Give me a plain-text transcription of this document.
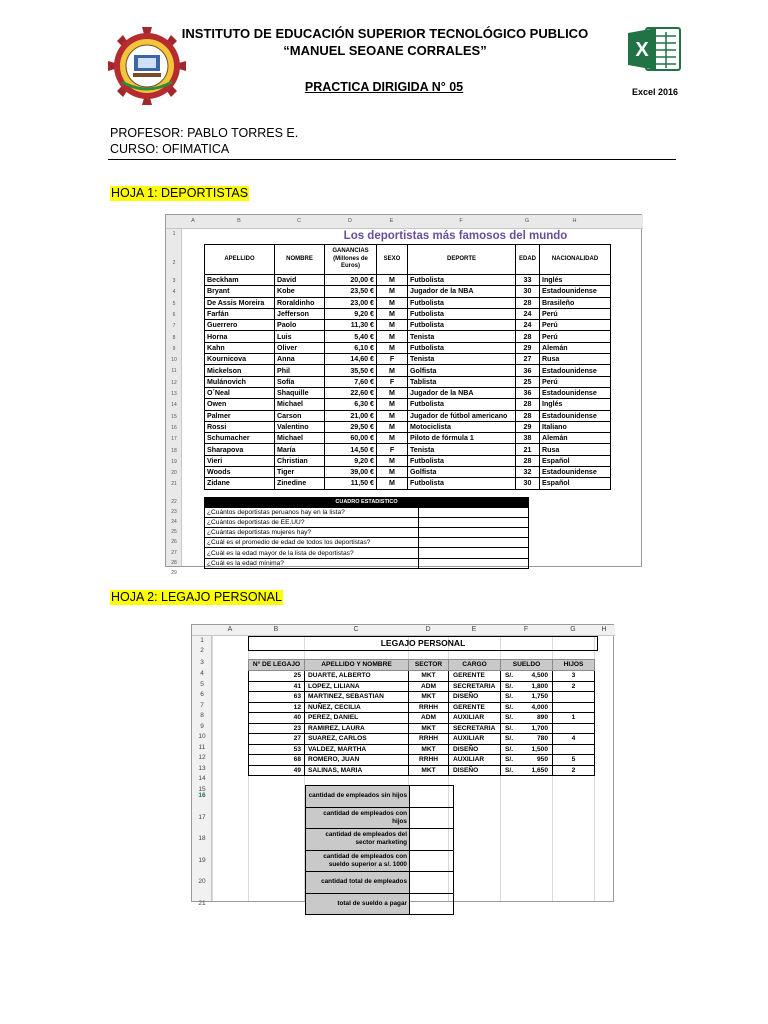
INSTITUTO DE EDUCACIÓN SUPERIOR TECNOLÓGICO PUBLICO
“MANUEL SEOANE CORRALES”
PRACTICA DIRIGIDA N° 05
X
Excel 2016
PROFESOR: PABLO TORRES E.
CURSO: OFIMATICA
HOJA 1: DEPORTISTAS
A	B	C	D	E	F	G	H
1
2
3
4
5
6
7
8
9
10
11
12
13
14
15
16
17
18
19
20
21
22
23
24
25
26
27
28
29
Los deportistas más famosos del mundo
APELLIDO	NOMBRE	GANANCIAS (Millones de Euros)	SEXO	DEPORTE	EDAD	NACIONALIDAD
Beckham	David	20,00 €	M	Futbolista	33	Inglés
Bryant	Kobe	23,50 €	M	Jugador de la NBA	30	Estadounidense
De Assis Moreira	Roraldinho	23,00 €	M	Futbolista	28	Brasileño
Farfán	Jefferson	9,20 €	M	Futbolista	24	Perú
Guerrero	Paolo	11,30 €	M	Futbolista	24	Perú
Horna	Luis	5,40 €	M	Tenista	28	Perú
Kahn	Oliver	6,10 €	M	Futbolista	29	Alemán
Kournicova	Anna	14,60 €	F	Tenista	27	Rusa
Mickelson	Phil	35,50 €	M	Golfista	36	Estadounidense
Mulánovich	Sofía	7,60 €	F	Tablista	25	Perú
O´Neal	Shaquille	22,60 €	M	Jugador de la NBA	36	Estadounidense
Owen	Michael	6,30 €	M	Futbolista	28	Inglés
Palmer	Carson	21,00 €	M	Jugador de fútbol americano	28	Estadounidense
Rossi	Valentino	29,50 €	M	Motociclista	29	Italiano
Schumacher	Michael	60,00 €	M	Piloto de fórmula 1	38	Alemán
Sharapova	María	14,50 €	F	Tenista	21	Rusa
Vieri	Christian	9,20 €	M	Futbolista	28	Español
Woods	Tiger	39,00 €	M	Golfista	32	Estadounidense
Zidane	Zinedine	11,50 €	M	Futbolista	30	Español
CUADRO ESTADISTICO	
¿Cuántos deportistas peruanos hay en la lista?	
¿Cuántos deportistas de EE.UU?	
¿Cuántas deportistas mujeres hay?	
¿Cuál es el promedio de edad de todos los deportistas?	
¿Cuál es la edad mayor de la lista de deportistas?	
¿Cuál es la edad mínima?	
HOJA 2: LEGAJO PERSONAL
A	B	C	D	E	F	G	H
1
2
3
4
5
6
7
8
9
10
11
12
13
14
15
16
17
18
19
20
21
LEGAJO PERSONAL
N° DE LEGAJO	APELLIDO Y NOMBRE	SECTOR	CARGO	SUELDO	HIJOS
25	DUARTE, ALBERTO	MKT	GERENTE	S/. 4,500	3
41	LOPEZ, LILIANA	ADM	SECRETARIA	S/. 1,800	2
63	MARTINEZ, SEBASTIAN	MKT	DISEÑO	S/. 1,750	

12	NUÑEZ, CECILIA	RRHH	GERENTE	S/. 4,000	

40	PEREZ, DANIEL	ADM	AUXILIAR	S/. 890	1
23	RAMIREZ, LAURA	MKT	SECRETARIA	S/. 1,700	

27	SUAREZ, CARLOS	RRHH	AUXILIAR	S/. 780	4
53	VALDEZ, MARTHA	MKT	DISEÑO	S/. 1,500	

68	ROMERO, JUAN	RRHH	AUXILIAR	S/. 950	5
49	SALINAS, MARIA	MKT	DISEÑO	S/. 1,650	2
cantidad de empleados sin hijos	
cantidad de empleados con hijos	
cantidad de empleados del sector marketing	
cantidad de empleados con sueldo superior a s/. 1000	
cantidad total de empleados	
total de sueldo a pagar	
